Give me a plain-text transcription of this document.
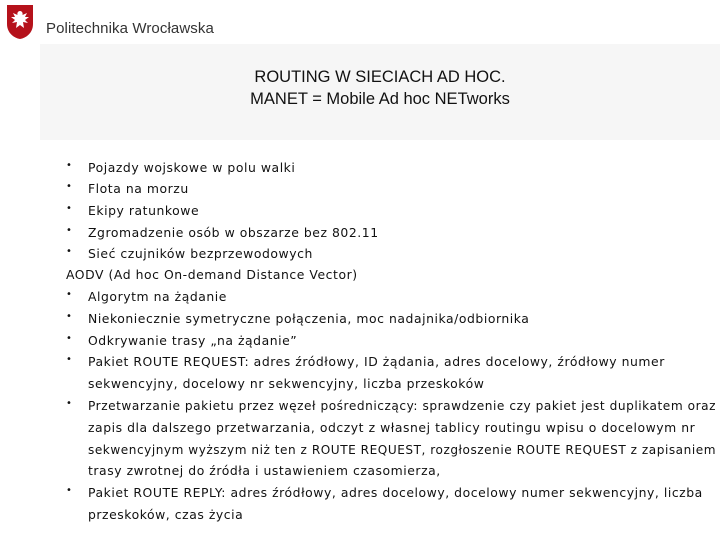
Politechnika Wrocławska
ROUTING W SIECIACH AD HOC.
MANET = Mobile Ad hoc NETworks
• Pojazdy wojskowe w polu walki
• Flota na morzu
• Ekipy ratunkowe
• Zgromadzenie osób w obszarze bez 802.11
• Sieć czujników bezprzewodowych
AODV (Ad hoc On-demand Distance Vector)
• Algorytm na żądanie
• Niekoniecznie symetryczne połączenia, moc nadajnika/odbiornika
• Odkrywanie trasy „na żądanie”
• Pakiet ROUTE REQUEST: adres źródłowy, ID żądania, adres docelowy, źródłowy numer
sekwencyjny, docelowy nr sekwencyjny, liczba przeskoków
• Przetwarzanie pakietu przez węzeł pośredniczący: sprawdzenie czy pakiet jest duplikatem oraz
zapis dla dalszego przetwarzania, odczyt z własnej tablicy routingu wpisu o docelowym nr
sekwencyjnym wyższym niż ten z ROUTE REQUEST, rozgłoszenie ROUTE REQUEST z zapisaniem
trasy zwrotnej do źródła i ustawieniem czasomierza,
• Pakiet ROUTE REPLY: adres źródłowy, adres docelowy, docelowy numer sekwencyjny, liczba
przeskoków, czas życia
